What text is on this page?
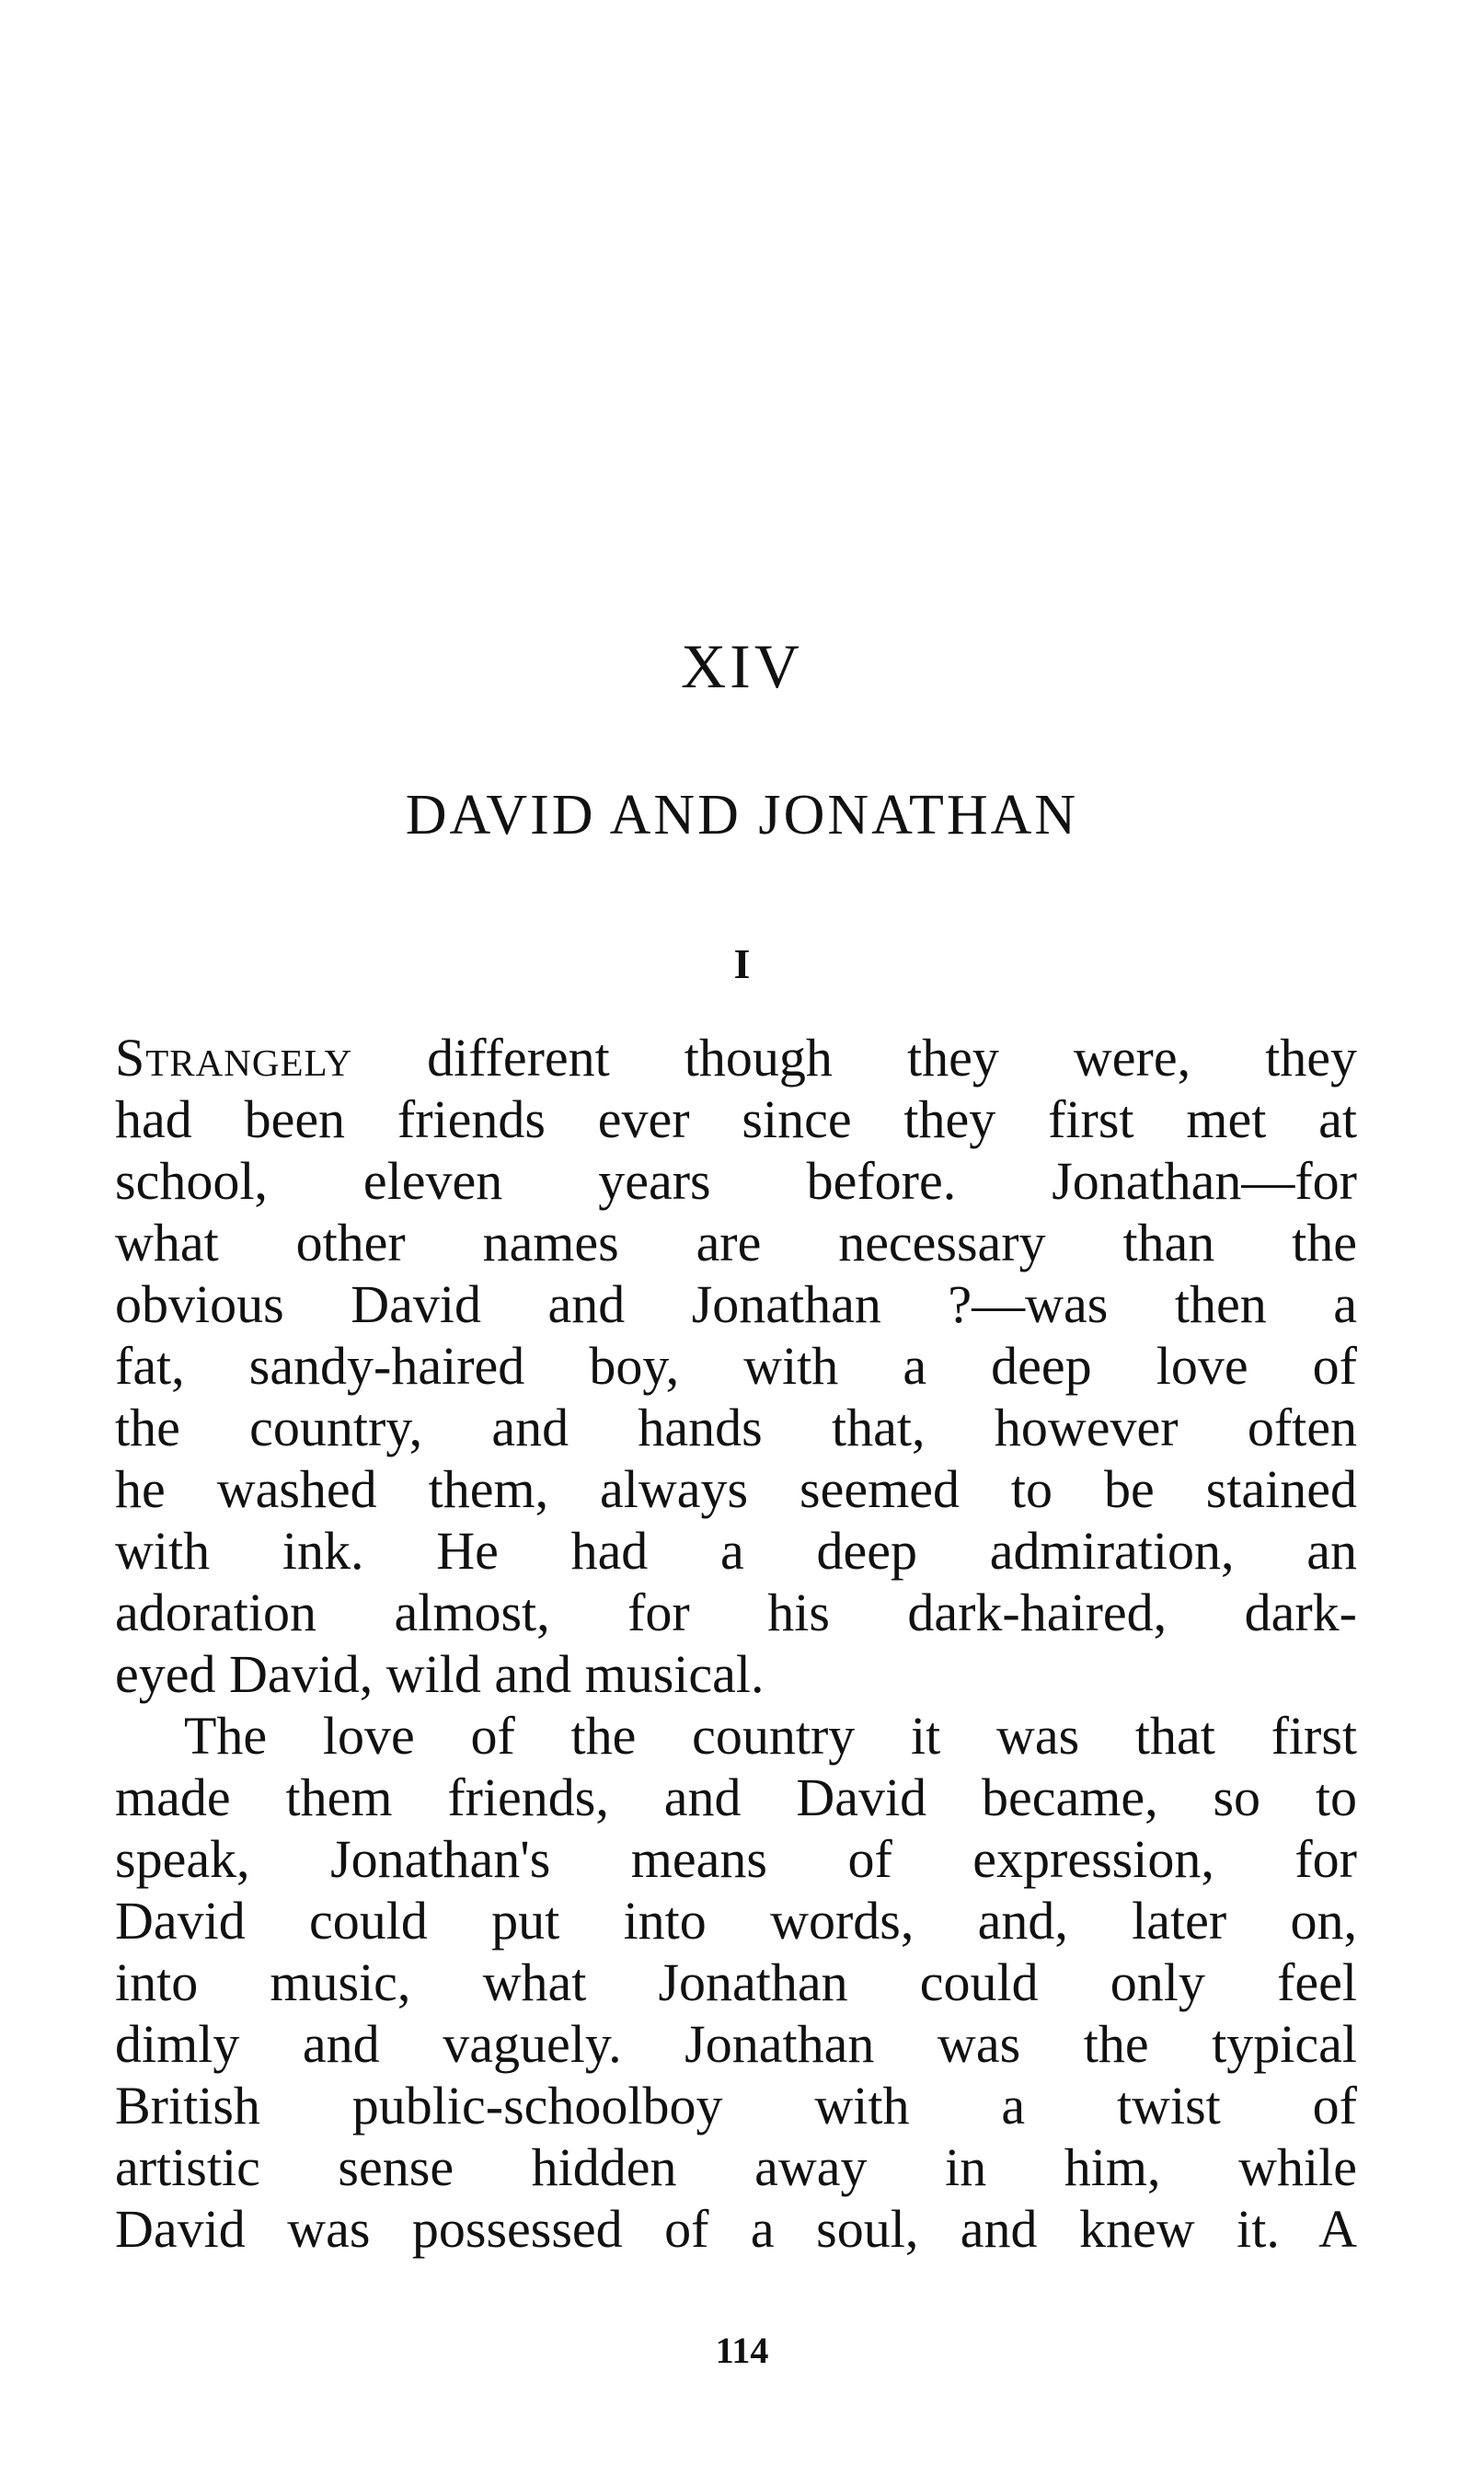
XIV
DAVID AND JONATHAN
I
Strangely different though they were, they
had been friends ever since they first met at
school, eleven years before. Jonathan—for
what other names are necessary than the
obvious David and Jonathan ?—was then a
fat, sandy-haired boy, with a deep love of
the country, and hands that, however often
he washed them, always seemed to be stained
with ink. He had a deep admiration, an
adoration almost, for his dark-haired, dark-
eyed David, wild and musical.
The love of the country it was that first
made them friends, and David became, so to
speak, Jonathan's means of expression, for
David could put into words, and, later on,
into music, what Jonathan could only feel
dimly and vaguely. Jonathan was the typical
British public-schoolboy with a twist of
artistic sense hidden away in him, while
David was possessed of a soul, and knew it. A
114
